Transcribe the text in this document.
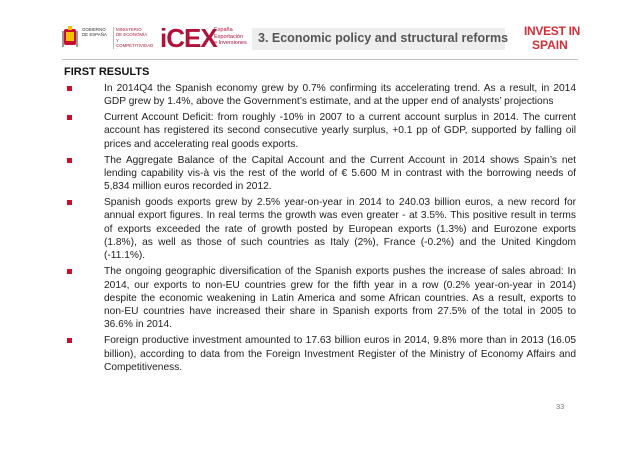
GOBIERNO
DE ESPAÑA
MINISTERIO
DE ECONOMÍA
Y COMPETITIVIDAD iCEX
España
Exportación
e Inversiones 3. Economic policy and structural reforms INVEST IN
SPAIN
FIRST RESULTS
In 2014Q4 the Spanish economy grew by 0.7% confirming its accelerating trend. As a result, in 2014 GDP grew by 1.4%, above the Government’s estimate, and at the upper end of analysts’ projections
Current Account Deficit: from roughly -10% in 2007 to a current account surplus in 2014. The current account has registered its second consecutive yearly surplus, +0.1 pp of GDP, supported by falling oil prices and accelerating real goods exports.
The Aggregate Balance of the Capital Account and the Current Account in 2014 shows Spain’s net lending capability vis-à vis the rest of the world of € 5.600 M in contrast with the borrowing needs of 5,834 million euros recorded in 2012.
Spanish goods exports grew by 2.5% year-on-year in 2014 to 240.03 billion euros, a new record for annual export figures. In real terms the growth was even greater - at 3.5%. This positive result in terms of exports exceeded the rate of growth posted by European exports (1.3%) and Eurozone exports (1.8%), as well as those of such countries as Italy (2%), France (-0.2%) and the United Kingdom (-11.1%).
The ongoing geographic diversification of the Spanish exports pushes the increase of sales abroad: In 2014, our exports to non-EU countries grew for the fifth year in a row (0.2% year-on-year in 2014) despite the economic weakening in Latin America and some African countries. As a result, exports to non-EU countries have increased their share in Spanish exports from 27.5% of the total in 2005 to 36.6% in 2014.
Foreign productive investment amounted to 17.63 billion euros in 2014, 9.8% more than in 2013 (16.05 billion), according to data from the Foreign Investment Register of the Ministry of Economy Affairs and Competitiveness.
33
